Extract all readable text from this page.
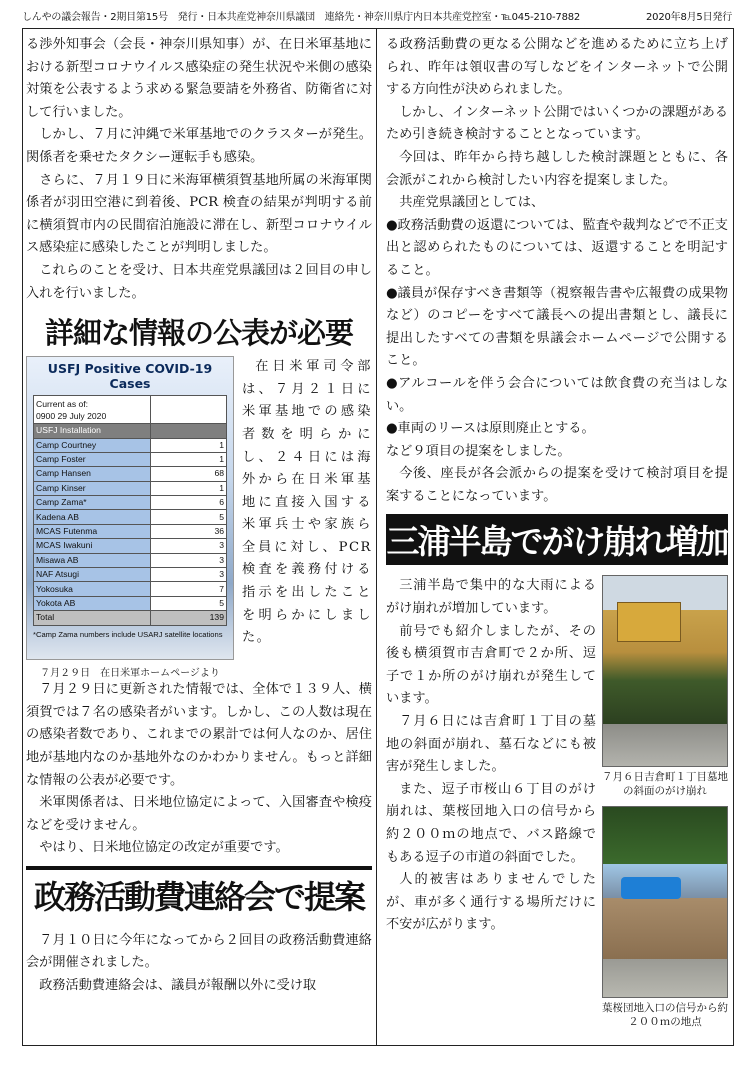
しんやの議会報告・2期目第15号　発行・日本共産党神奈川県議団　連絡先・神奈川県庁内日本共産党控室・℡045-210-7882	2020年8月5日発行

る渉外知事会（会長・神奈川県知事）が、在日米軍基地における新型コロナウイルス感染症の発生状況や米側の感染対策を公表するよう求める緊急要請を外務省、防衛省に対して行いました。

しかし、７月に沖縄で米軍基地でのクラスターが発生。関係者を乗せたタクシー運転手も感染。

さらに、７月１９日に米海軍横須賀基地所属の米海軍関係者が羽田空港に到着後、PCR 検査の結果が判明する前に横須賀市内の民間宿泊施設に滞在し、新型コロナウイルス感染症に感染したことが判明しました。

これらのことを受け、日本共産党県議団は２回目の申し入れを行いました。

詳細な情報の公表が必要
USFJ Positive COVID-19 Cases
Current as of:
0900 29 July 2020	Current Positive
USFJ Installation	
Camp Courtney	1
Camp Foster	1
Camp Hansen	68
Camp Kinser	1
Camp Zama*	6
Kadena AB	5
MCAS Futenma	36
MCAS Iwakuni	3
Misawa AB	3
NAF Atsugi	3
Yokosuka	7
Yokota AB	5
Total	139
*Camp Zama numbers include USARJ satellite locations
７月２９日　在日米軍ホームページより

在日米軍司令部は、７月２１日に米軍基地での感染者数を明らかにし、２４日には海外から在日米軍基地に直接入国する米軍兵士や家族ら全員に対し、PCR 検査を義務付ける指示を出したことを明らかにしました。

７月２９日に更新された情報では、全体で１３９人、横須賀では７名の感染者がいます。しかし、この人数は現在の感染者数であり、これまでの累計では何人なのか、居住地が基地内なのか基地外なのかわかりません。もっと詳細な情報の公表が必要です。

米軍関係者は、日米地位協定によって、入国審査や検疫などを受けません。

やはり、日米地位協定の改定が重要です。

政務活動費連絡会で提案

７月１０日に今年になってから２回目の政務活動費連絡会が開催されました。

政務活動費連絡会は、議員が報酬以外に受け取

る政務活動費の更なる公開などを進めるために立ち上げられ、昨年は領収書の写しなどをインターネットで公開する方向性が決められました。

しかし、インターネット公開ではいくつかの課題があるため引き続き検討することとなっています。

今回は、昨年から持ち越しした検討課題とともに、各会派がこれから検討したい内容を提案しました。

共産党県議団としては、

●政務活動費の返還については、監査や裁判などで不正支出と認められたものについては、返還することを明記すること。

●議員が保存すべき書類等（視察報告書や広報費の成果物など）のコピーをすべて議長への提出書類とし、議長に提出したすべての書類を県議会ホームページで公開すること。

●アルコールを伴う会合については飲食費の充当はしない。

●車両のリースは原則廃止とする。

など９項目の提案をしました。

今後、座長が各会派からの提案を受けて検討項目を提案することになっています。

三浦半島でがけ崩れ増加

三浦半島で集中的な大雨によるがけ崩れが増加しています。

前号でも紹介しましたが、その後も横須賀市吉倉町で２か所、逗子で１か所のがけ崩れが発生しています。

７月６日には吉倉町１丁目の墓地の斜面が崩れ、墓石などにも被害が発生しました。

また、逗子市桜山６丁目のがけ崩れは、葉桜団地入口の信号から約２００ｍの地点で、バス路線でもある逗子の市道の斜面でした。

人的被害はありませんでしたが、車が多く通行する場所だけに不安が広がります。

７月６日吉倉町１丁目墓地の斜面のがけ崩れ
葉桜団地入口の信号から約２００ｍの地点
